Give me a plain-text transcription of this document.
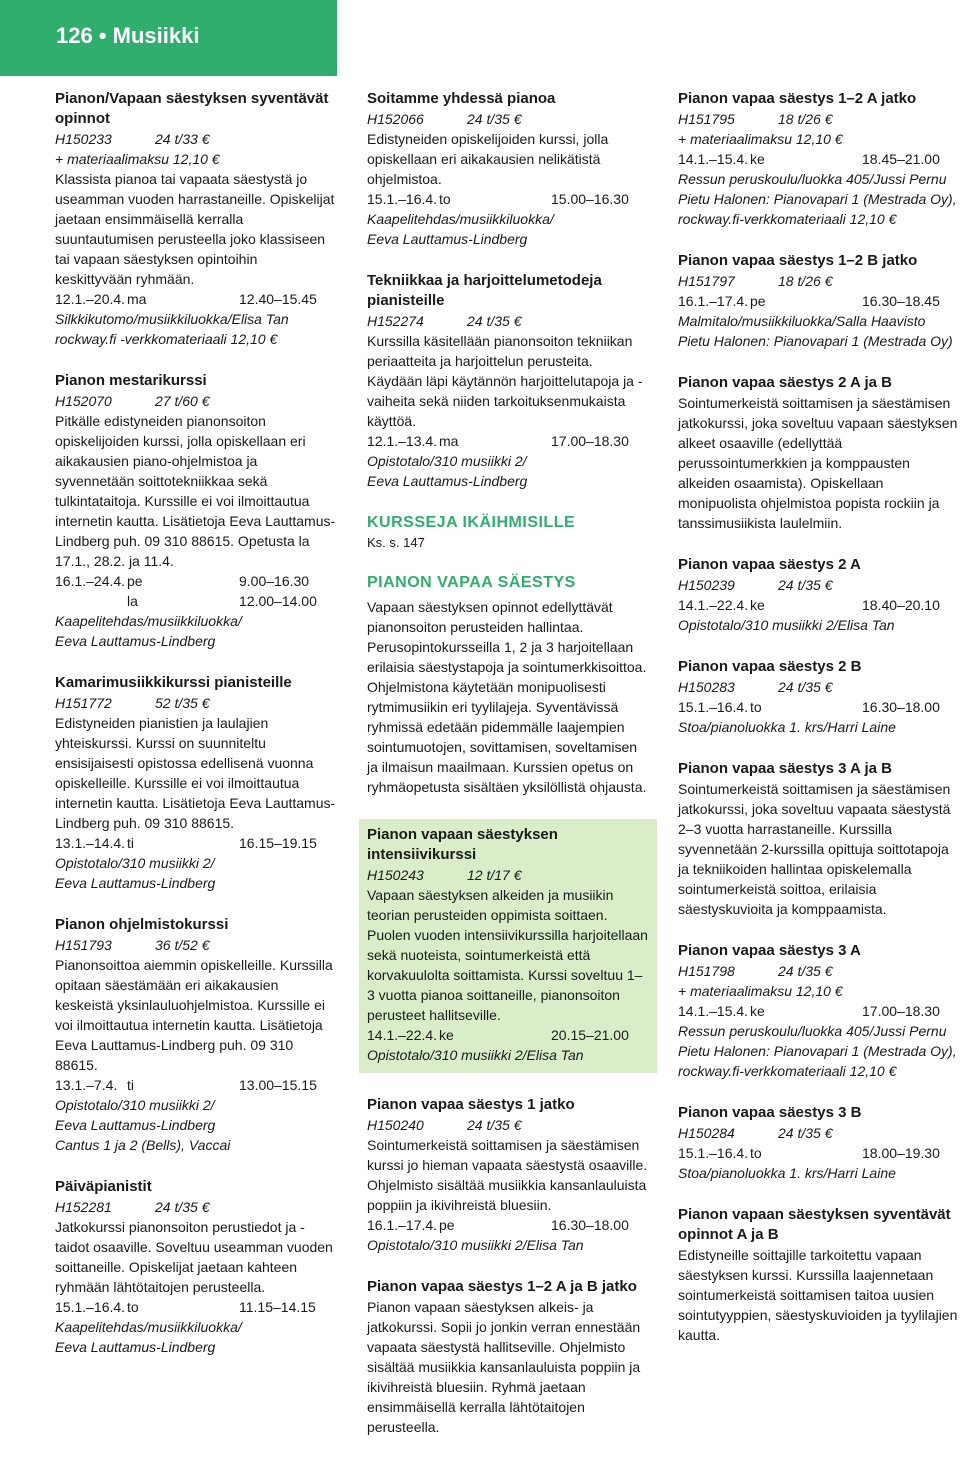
126 • Musiikki
Pianon/Vapaan säestyksen syventävät opinnot
H150233	24 t/33 €
+ materiaalimaksu 12,10 €
Klassista pianoa tai vapaata säestystä jo useamman vuoden harrastaneille. Opiskelijat jaetaan ensimmäisellä kerralla suuntautumisen perusteella joko klassiseen tai vapaan säestyksen opintoihin keskittyvään ryhmään.
12.1.–20.4. ma	12.40–15.45
Silkkikutomo/musiikkiluokka/Elisa Tan
rockway.fi -verkkomateriaali 12,10 €
Pianon mestarikurssi
H152070	27 t/60 €
Pitkälle edistyneiden pianonsoiton opiskelijoiden kurssi, jolla opiskellaan eri aikakausien piano-ohjelmistoa ja syvennetään soittotekniikkaa sekä tulkintataitoja. Kurssille ei voi ilmoittautua internetin kautta. Lisätietoja Eeva Lauttamus-Lindberg puh. 09 310 88615. Opetusta la 17.1., 28.2. ja 11.4.
16.1.–24.4. pe	9.00–16.30
la	12.00–14.00
Kaapelitehdas/musiikkiluokka/
Eeva Lauttamus-Lindberg
Kamarimusiikkikurssi pianisteille
H151772	52 t/35 €
Edistyneiden pianistien ja laulajien yhteiskurssi. Kurssi on suunniteltu ensisijaisesti opistossa edellisenä vuonna opiskelleille. Kurssille ei voi ilmoittautua internetin kautta. Lisätietoja Eeva Lauttamus-Lindberg puh. 09 310 88615.
13.1.–14.4. ti	16.15–19.15
Opistotalo/310 musiikki 2/
Eeva Lauttamus-Lindberg
Pianon ohjelmistokurssi
H151793	36 t/52 €
Pianonsoittoa aiemmin opiskelleille. Kurssilla opitaan säestämään eri aikakausien keskeistä yksinlauluohjelmistoa. Kurssille ei voi ilmoittautua internetin kautta. Lisätietoja Eeva Lauttamus-Lindberg puh. 09 310 88615.
13.1.–7.4. ti	13.00–15.15
Opistotalo/310 musiikki 2/
Eeva Lauttamus-Lindberg
Cantus 1 ja 2 (Bells), Vaccai
Päiväpianistit
H152281	24 t/35 €
Jatkokurssi pianonsoiton perustiedot ja -taidot osaaville. Soveltuu useamman vuoden soittaneille. Opiskelijat jaetaan kahteen ryhmään lähtötaitojen perusteella.
15.1.–16.4. to	11.15–14.15
Kaapelitehdas/musiikkiluokka/
Eeva Lauttamus-Lindberg
Soitamme yhdessä pianoa
H152066	24 t/35 €
Edistyneiden opiskelijoiden kurssi, jolla opiskellaan eri aikakausien nelikätistä ohjelmistoa.
15.1.–16.4. to	15.00–16.30
Kaapelitehdas/musiikkiluokka/
Eeva Lauttamus-Lindberg
Tekniikkaa ja harjoittelumetodeja pianisteille
H152274	24 t/35 €
Kurssilla käsitellään pianonsoiton tekniikan periaatteita ja harjoittelun perusteita. Käydään läpi käytännön harjoittelutapoja ja -vaiheita sekä niiden tarkoituksenmukaista käyttöä.
12.1.–13.4. ma	17.00–18.30
Opistotalo/310 musiikki 2/
Eeva Lauttamus-Lindberg
KURSSEJA IKÄIHMISILLE
Ks. s. 147
PIANON VAPAA SÄESTYS
Vapaan säestyksen opinnot edellyttävät pianonsoiton perusteiden hallintaa. Perusopintokursseilla 1, 2 ja 3 harjoitellaan erilaisia säestystapoja ja sointumerkkisoittoa. Ohjelmistona käytetään monipuolisesti rytmimusiikin eri tyylilajeja. Syventävissä ryhmissä edetään pidemmälle laajempien sointumuotojen, sovittamisen, soveltamisen ja ilmaisun maailmaan. Kurssien opetus on ryhmäopetusta sisältäen yksilöllistä ohjausta.
Pianon vapaan säestyksen intensiivikurssi
H150243	12 t/17 €
Vapaan säestyksen alkeiden ja musiikin teorian perusteiden oppimista soittaen. Puolen vuoden intensiivikurssilla harjoitellaan sekä nuoteista, sointumerkeistä että korvakuulolta soittamista. Kurssi soveltuu 1–3 vuotta pianoa soittaneille, pianonsoiton perusteet hallitseville.
14.1.–22.4. ke	20.15–21.00
Opistotalo/310 musiikki 2/Elisa Tan
Pianon vapaa säestys 1 jatko
H150240	24 t/35 €
Sointumerkeistä soittamisen ja säestämisen kurssi jo hieman vapaata säestystä osaaville. Ohjelmisto sisältää musiikkia kansanlauluista poppiin ja ikivihreistä bluesiin.
16.1.–17.4. pe	16.30–18.00
Opistotalo/310 musiikki 2/Elisa Tan
Pianon vapaa säestys 1–2 A ja B jatko
Pianon vapaan säestyksen alkeis- ja jatkokurssi. Sopii jo jonkin verran ennestään vapaata säestystä hallitseville. Ohjelmisto sisältää musiikkia kansanlauluista poppiin ja ikivihreistä bluesiin. Ryhmä jaetaan ensimmäisellä kerralla lähtötaitojen perusteella.
Pianon vapaa säestys 1–2 A jatko
H151795	18 t/26 €
+ materiaalimaksu 12,10 €
14.1.–15.4. ke	18.45–21.00
Ressun peruskoulu/luokka 405/Jussi Pernu
Pietu Halonen: Pianovapari 1 (Mestrada Oy),
rockway.fi-verkkomateriaali 12,10 €
Pianon vapaa säestys 1–2 B jatko
H151797	18 t/26 €
16.1.–17.4. pe	16.30–18.45
Malmitalo/musiikkiluokka/Salla Haavisto
Pietu Halonen: Pianovapari 1 (Mestrada Oy)
Pianon vapaa säestys 2 A ja B
Sointumerkeistä soittamisen ja säestämisen jatkokurssi, joka soveltuu vapaan säestyksen alkeet osaaville (edellyttää perussointumerkkien ja komppausten alkeiden osaamista). Opiskellaan monipuolista ohjelmistoa popista rockiin ja tanssimusiikista laulelmiin.
Pianon vapaa säestys 2 A
H150239	24 t/35 €
14.1.–22.4. ke	18.40–20.10
Opistotalo/310 musiikki 2/Elisa Tan
Pianon vapaa säestys 2 B
H150283	24 t/35 €
15.1.–16.4. to	16.30–18.00
Stoa/pianoluokka 1. krs/Harri Laine
Pianon vapaa säestys 3 A ja B
Sointumerkeistä soittamisen ja säestämisen jatkokurssi, joka soveltuu vapaata säestystä 2–3 vuotta harrastaneille. Kurssilla syvennetään 2-kurssilla opittuja soittotapoja ja tekniikoiden hallintaa opiskelemalla sointumerkeistä soittoa, erilaisia säestyskuvioita ja komppaamista.
Pianon vapaa säestys 3 A
H151798	24 t/35 €
+ materiaalimaksu 12,10 €
14.1.–15.4. ke	17.00–18.30
Ressun peruskoulu/luokka 405/Jussi Pernu
Pietu Halonen: Pianovapari 1 (Mestrada Oy),
rockway.fi-verkkomateriaali 12,10 €
Pianon vapaa säestys 3 B
H150284	24 t/35 €
15.1.–16.4. to	18.00–19.30
Stoa/pianoluokka 1. krs/Harri Laine
Pianon vapaan säestyksen syventävät opinnot A ja B
Edistyneille soittajille tarkoitettu vapaan säestyksen kurssi. Kurssilla laajennetaan sointumerkeistä soittamisen taitoa uusien sointutyyppien, säestyskuvioiden ja tyylilajien kautta.
